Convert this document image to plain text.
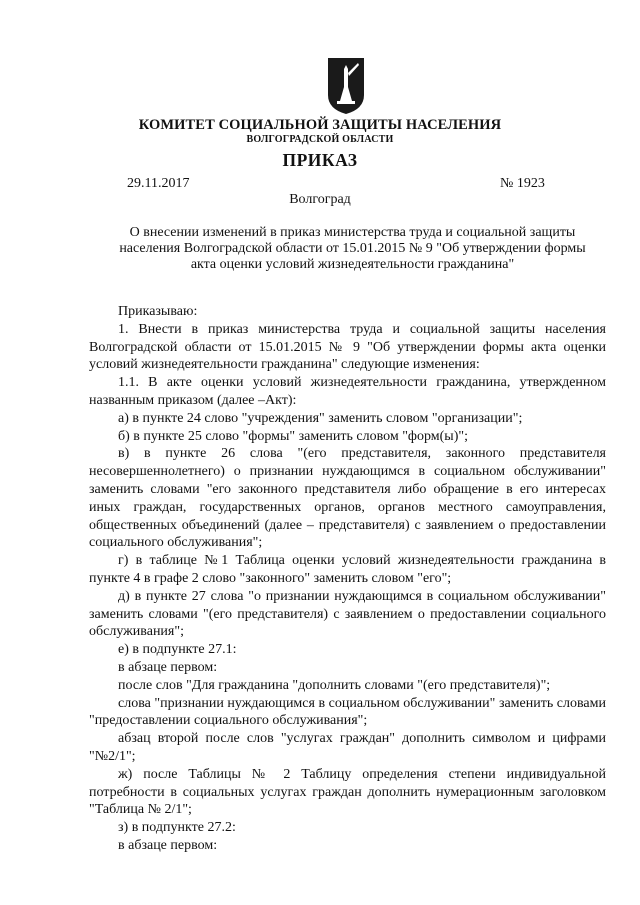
КОМИТЕТ СОЦИАЛЬНОЙ ЗАЩИТЫ НАСЕЛЕНИЯ
ВОЛГОГРАДСКОЙ ОБЛАСТИ
ПРИКАЗ
29.11.2017	№ 1923
Волгоград
О внесении изменений в приказ министерства труда и социальной защиты населения Волгоградской области от 15.01.2015 № 9 "Об утверждении формы акта оценки условий жизнедеятельности гражданина"

Приказываю:

1. Внести в приказ министерства труда и социальной защиты населения Волгоградской области от 15.01.2015 № 9 "Об утверждении формы акта оценки условий жизнедеятельности гражданина" следующие изменения:

1.1. В акте оценки условий жизнедеятельности гражданина, утвержденном названным приказом (далее –Акт):

а) в пункте 24 слово "учреждения" заменить словом "организации";

б) в пункте 25 слово "формы" заменить словом "форм(ы)";

в) в пункте 26 слова "(его представителя, законного представителя несовершеннолетнего) о признании нуждающимся в социальном обслуживании" заменить словами "его законного представителя либо обращение в его интересах иных граждан, государственных органов, органов местного самоуправления, общественных объединений (далее – представителя) с заявлением о предоставлении социального обслуживания";

г) в таблице №1 Таблица оценки условий жизнедеятельности гражданина в пункте 4 в графе 2 слово "законного" заменить словом "его";

д) в пункте 27 слова "о признании нуждающимся в социальном обслуживании" заменить словами "(его представителя) с заявлением о предоставлении социального обслуживания";

е) в подпункте 27.1:

в абзаце первом:

после слов "Для гражданина "дополнить словами "(его представителя)";

слова "признании нуждающимся в социальном обслуживании" заменить словами "предоставлении социального обслуживания";

абзац второй после слов "услугах граждан" дополнить символом и цифрами "№2/1";

ж) после Таблицы № 2 Таблицу определения степени индивидуальной потребности в социальных услугах граждан дополнить нумерационным заголовком "Таблица № 2/1";

з) в подпункте 27.2:

в абзаце первом:
